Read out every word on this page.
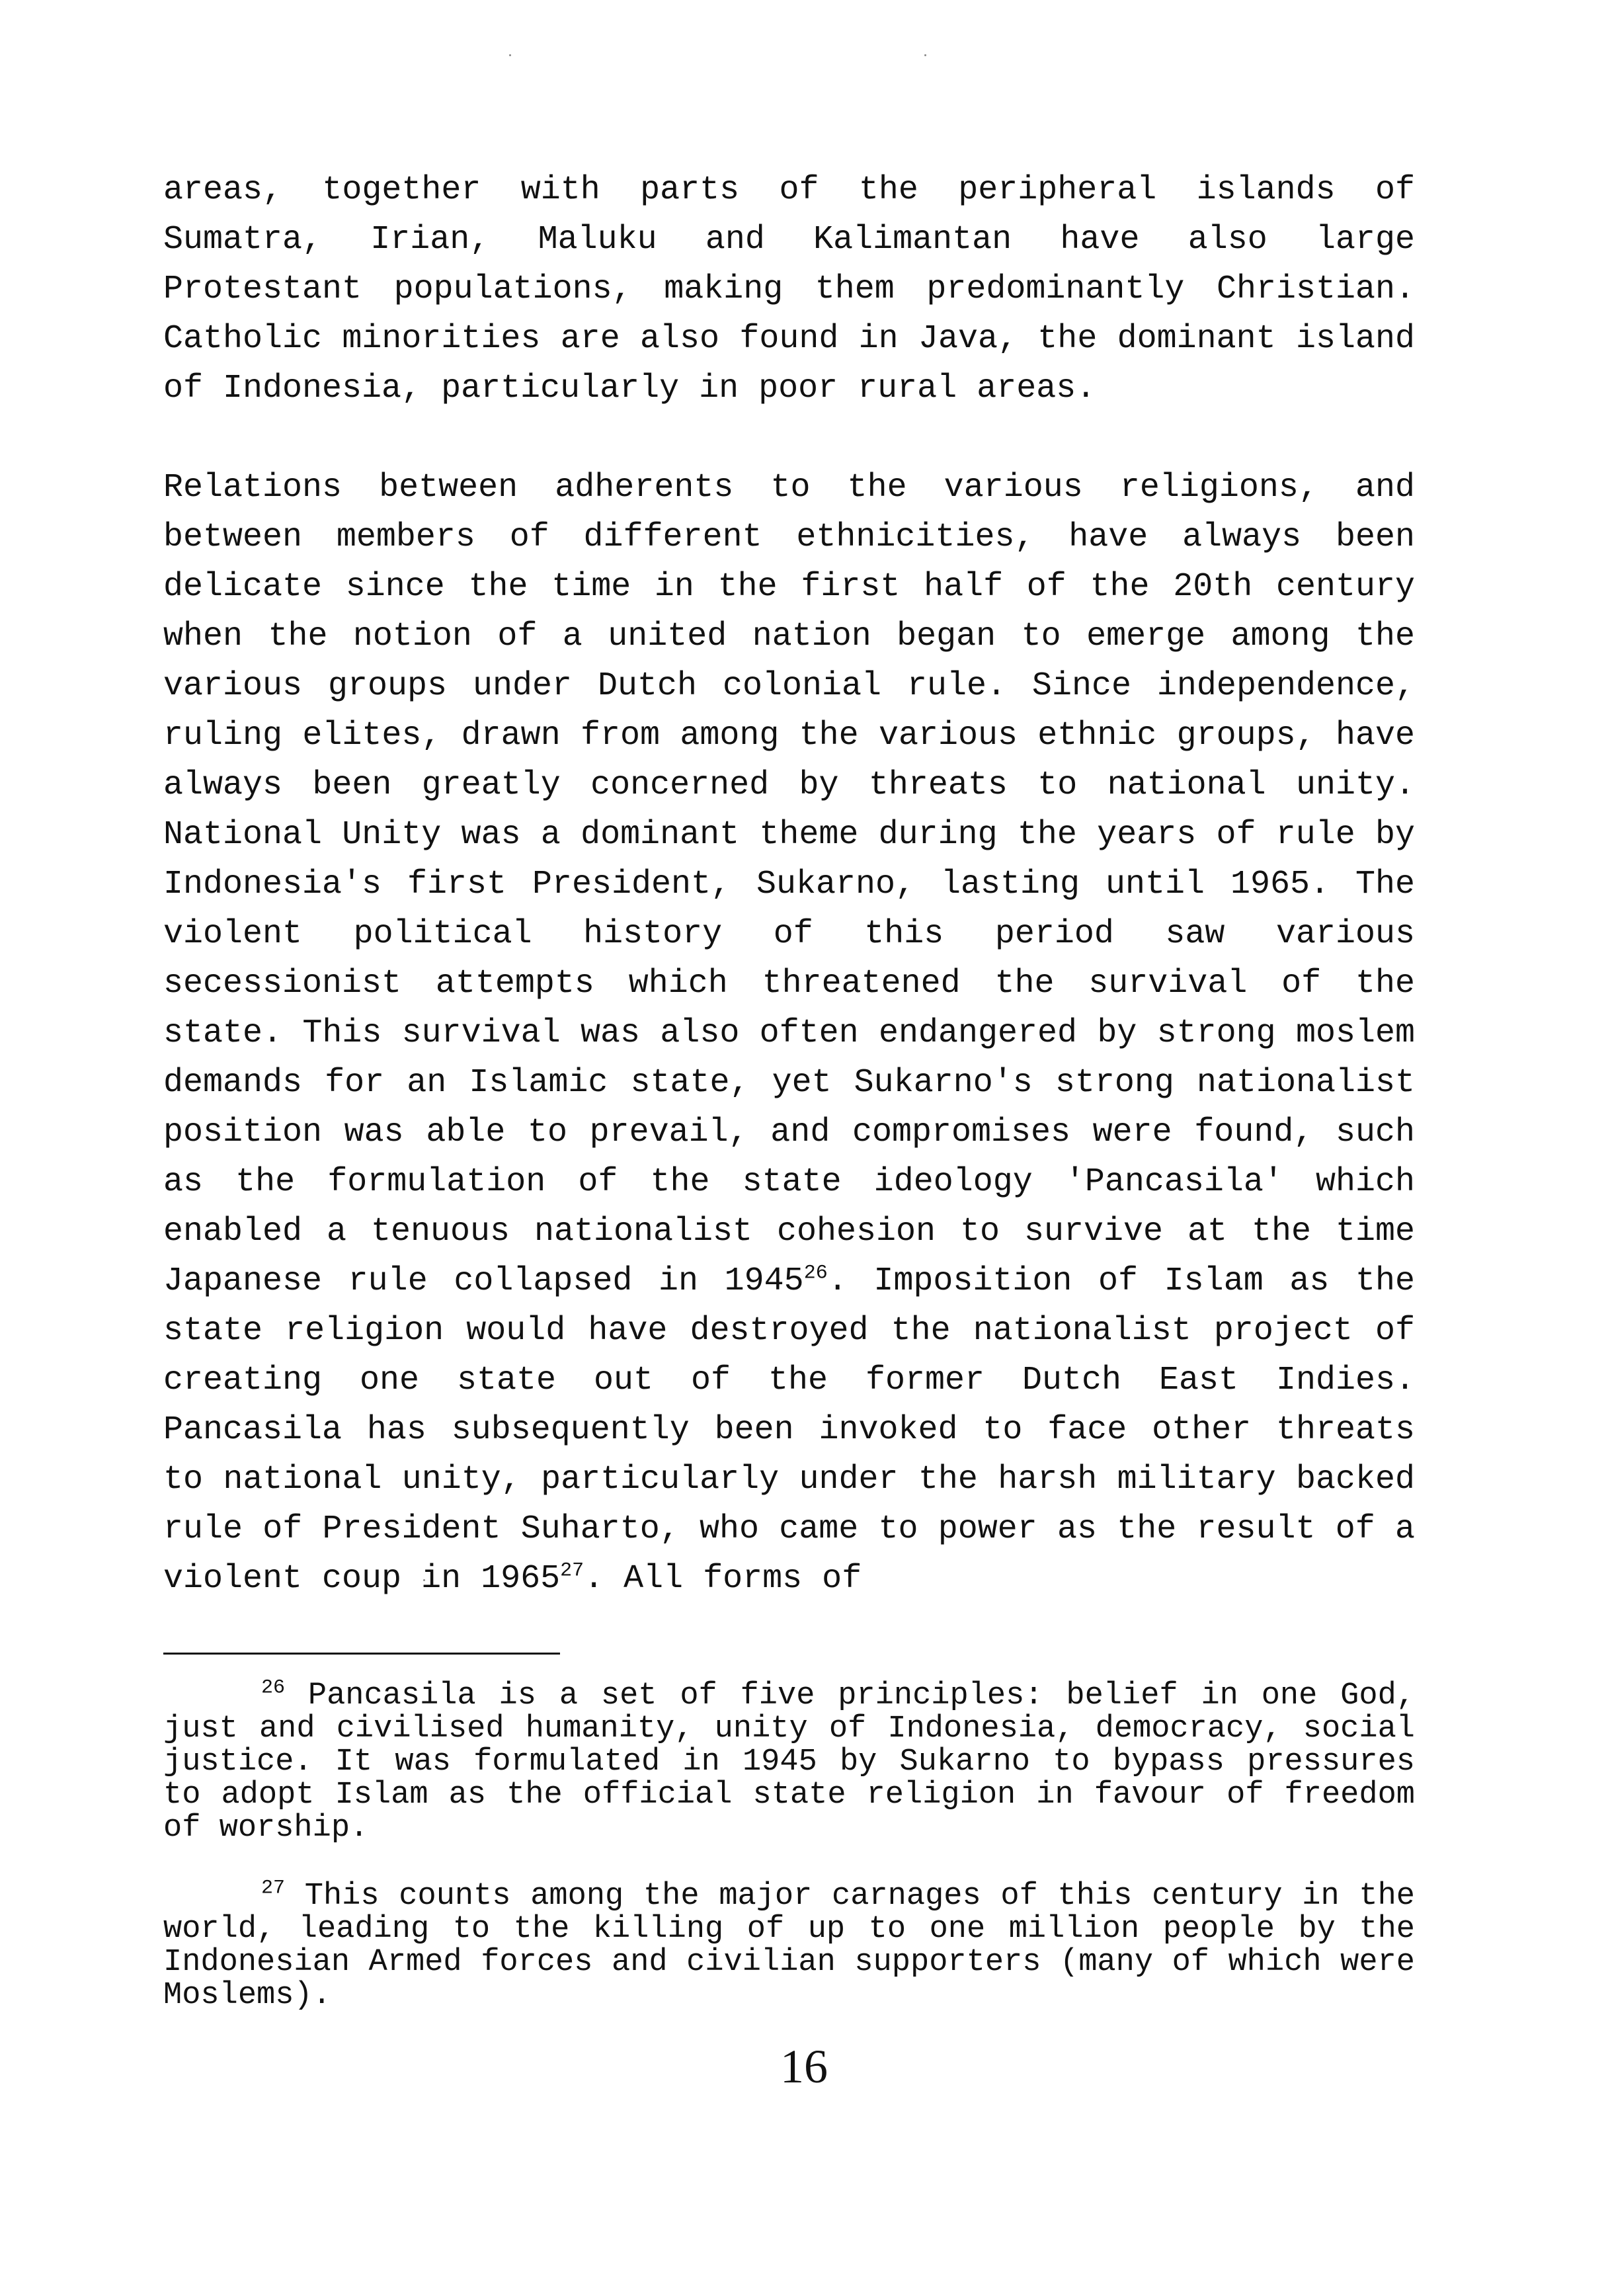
areas, together with parts of the peripheral islands of Sumatra, Irian, Maluku and Kalimantan have also large Protestant populations, making them predominantly Christian. Catholic minorities are also found in Java, the dominant island of Indonesia, particularly in poor rural areas.

Relations between adherents to the various religions, and between members of different ethnicities, have always been delicate since the time in the first half of the 20th century when the notion of a united nation began to emerge among the various groups under Dutch colonial rule. Since independence, ruling elites, drawn from among the various ethnic groups, have always been greatly concerned by threats to national unity. National Unity was a dominant theme during the years of rule by Indonesia's first President, Sukarno, lasting until 1965. The violent political history of this period saw various secessionist attempts which threatened the survival of the state. This survival was also often endangered by strong moslem demands for an Islamic state, yet Sukarno's strong nationalist position was able to prevail, and compromises were found, such as the formulation of the state ideology 'Pancasila' which enabled a tenuous nationalist cohesion to survive at the time Japanese rule collapsed in 1945$^{26}$. Imposition of Islam as the state religion would have destroyed the nationalist project of creating one state out of the former Dutch East Indies. Pancasila has subsequently been invoked to face other threats to national unity, particularly under the harsh military backed rule of President Suharto, who came to power as the result of a violent coup in 1965$^{27}$. All forms of

$^{26}$ Pancasila is a set of five principles: belief in one God, just and civilised humanity, unity of Indonesia, democracy, social justice. It was formulated in 1945 by Sukarno to bypass pressures to adopt Islam as the official state religion in favour of freedom of worship.

$^{27}$ This counts among the major carnages of this century in the world, leading to the killing of up to one million people by the Indonesian Armed forces and civilian supporters (many of which were Moslems).

16
